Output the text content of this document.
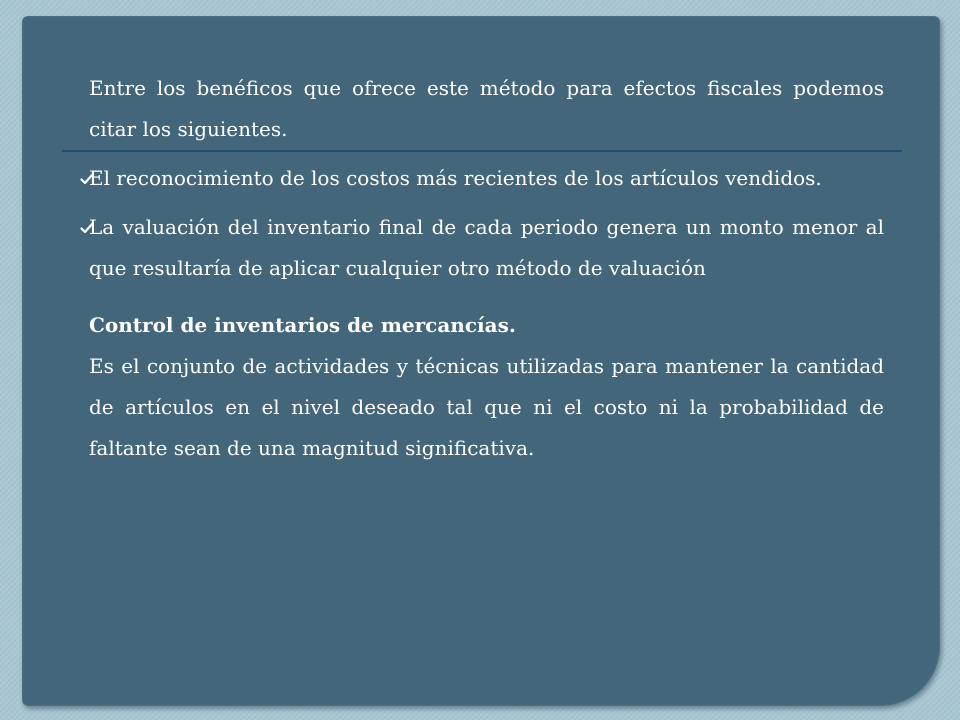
Entre los benéficos que ofrece este método para efectos fiscales podemos citar los siguientes.

El reconocimiento de los costos más recientes de los artículos vendidos.
La valuación del inventario final de cada periodo genera un monto menor al que resultaría de aplicar cualquier otro método de valuación

Control de inventarios de mercancías.

Es el conjunto de actividades y técnicas utilizadas para mantener la cantidad de artículos en el nivel deseado tal que ni el costo ni la probabilidad de faltante sean de una magnitud significativa.
